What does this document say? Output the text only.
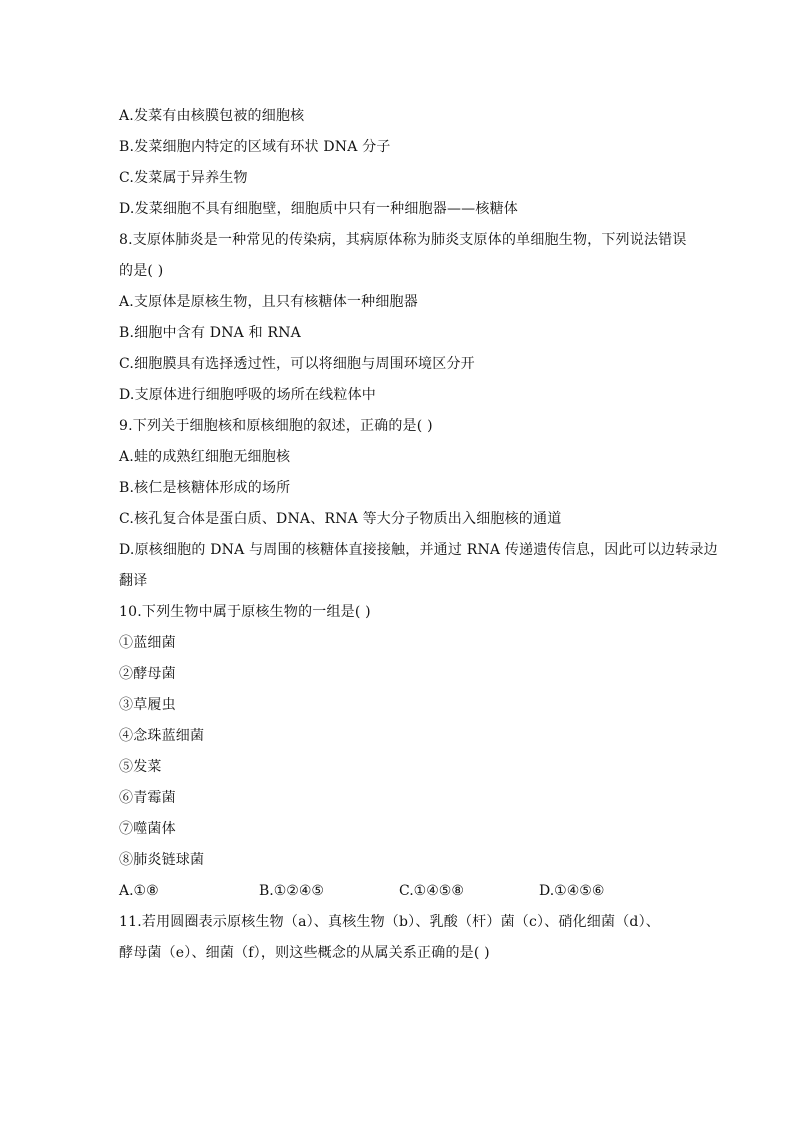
A.发菜有由核膜包被的细胞核
B.发菜细胞内特定的区域有环状 DNA 分子
C.发菜属于异养生物
D.发菜细胞不具有细胞壁，细胞质中只有一种细胞器——核糖体
8.支原体肺炎是一种常见的传染病，其病原体称为肺炎支原体的单细胞生物，下列说法错误
的是( )
A.支原体是原核生物，且只有核糖体一种细胞器
B.细胞中含有 DNA 和 RNA
C.细胞膜具有选择透过性，可以将细胞与周围环境区分开
D.支原体进行细胞呼吸的场所在线粒体中
9.下列关于细胞核和原核细胞的叙述，正确的是( )
A.蛙的成熟红细胞无细胞核
B.核仁是核糖体形成的场所
C.核孔复合体是蛋白质、DNA、RNA 等大分子物质出入细胞核的通道
D.原核细胞的 DNA 与周围的核糖体直接接触，并通过 RNA 传递遗传信息，因此可以边转录边
翻译
10.下列生物中属于原核生物的一组是( )
①蓝细菌
②酵母菌
③草履虫
④念珠蓝细菌
⑤发菜
⑥青霉菌
⑦噬菌体
⑧肺炎链球菌
A.①⑧	B.①②④⑤	C.①④⑤⑧	D.①④⑤⑥
11.若用圆圈表示原核生物（a）、真核生物（b）、乳酸（杆）菌（c）、硝化细菌（d）、
酵母菌（e）、细菌（f），则这些概念的从属关系正确的是( )
